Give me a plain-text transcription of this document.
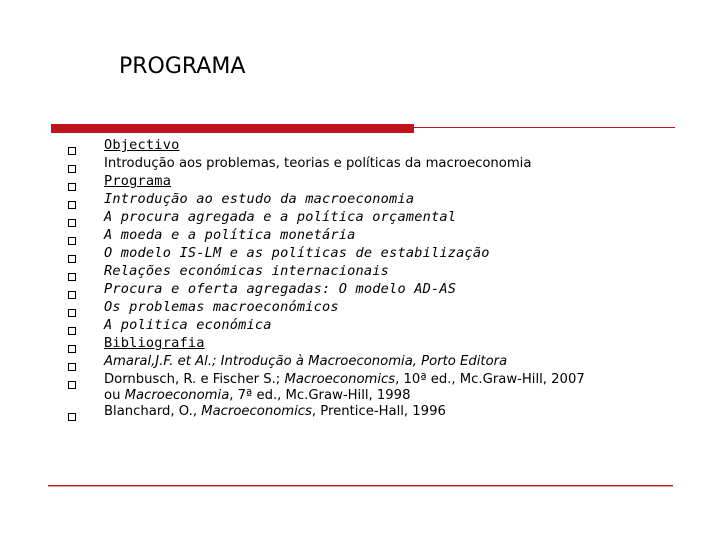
PROGRAMA
Objectivo
Introdução aos problemas, teorias e políticas da macroeconomia
Programa
Introdução ao estudo da macroeconomia
A procura agregada e a política orçamental
A moeda e a política monetária
O modelo IS-LM e as políticas de estabilização
Relações económicas internacionais
Procura e oferta agregadas: O modelo AD-AS
Os problemas macroeconómicos
A politica económica
Bibliografia
Amaral,J.F. et Al.; Introdução à Macroeconomia, Porto Editora
Dornbusch, R. e Fischer S.; Macroeconomics, 10ª ed., Mc.Graw-Hill, 2007
ou Macroeconomia, 7ª ed., Mc.Graw-Hill, 1998
Blanchard, O., Macroeconomics, Prentice-Hall, 1996
